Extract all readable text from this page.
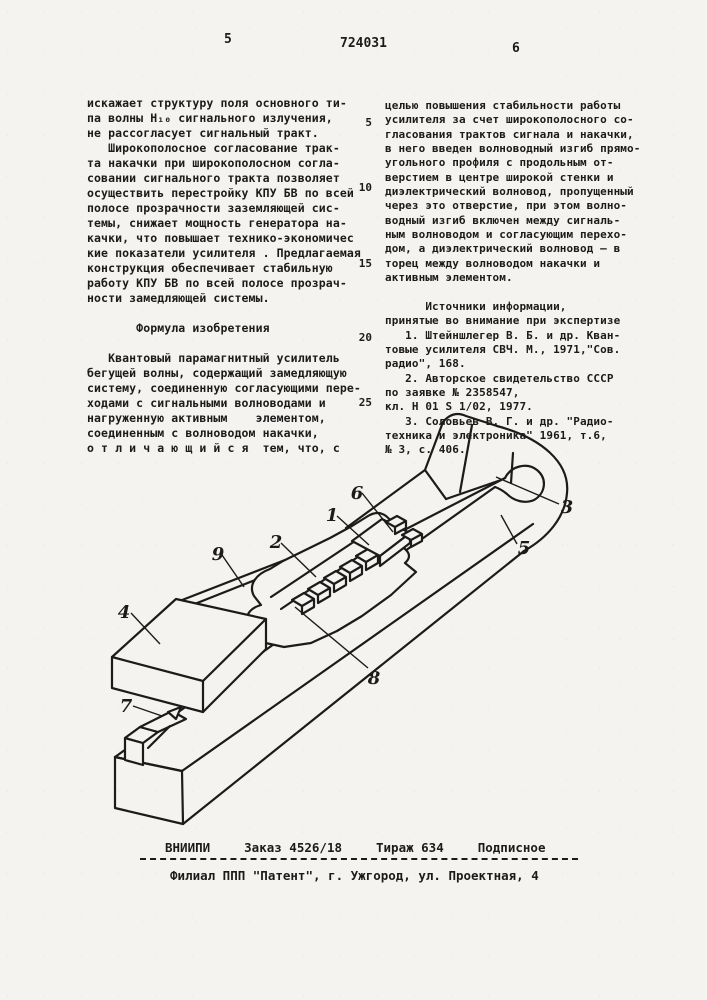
5	724031	6
5
10
15
20
25

искажает структуру поля основного ти-
па волны Н₁₀ сигнального излучения,
не рассогласует сигнальный тракт.
Широкополосное согласование трак-
та накачки при широкополосном согла-
совании сигнального тракта позволяет
осуществить перестройку КПУ БВ по всей
полосе прозрачности заземляющей сис-
темы, снижает мощность генератора на-
качки, что повышает технико-экономичес
кие показатели усилителя . Предлагаемая
конструкция обеспечивает стабильную
работу КПУ БВ по всей полосе прозрач-
ности замедляющей системы.

Формула изобретения

Квантовый парамагнитный усилитель
бегущей волны, содержащий замедляющую
систему, соединенную согласующими пере-
ходами с сигнальными волноводами и
нагруженную активным    элементом,
соединенным с волноводом накачки,
о т л и ч а ю щ и й с я  тем, что, с

целью повышения стабильности работы
усилителя за счет широкополосного со-
гласования трактов сигнала и накачки,
в него введен волноводный изгиб прямо-
угольного профиля с продольным от-
верстием в центре широкой стенки и
диэлектрический волновод, пропущенный
через это отверстие, при этом волно-
водный изгиб включен между сигналь-
ным волноводом и согласующим перехо-
дом, а диэлектрический волновод — в
торец между волноводом накачки и
активным элементом.

Источники информации,
принятые во внимание при экспертизе
1. Штейншлегер В. Б. и др. Кван-
товые усилителя СВЧ. М., 1971,"Сов.
радио", 168.
2. Авторское свидетельство СССР
по заявке № 2358547,
кл. Н 01 S 1/02, 1977.
3. Соловьев В. Г. и др. "Радио-
техника и электроника" 1961, т.6,
№ 3, с. 406.
1
2
3
4
5
6
7
8
9
ВНИИПИ	Заказ 4526/18	Тираж 634	Подписное
Филиал ППП "Патент", г. Ужгород, ул. Проектная, 4
